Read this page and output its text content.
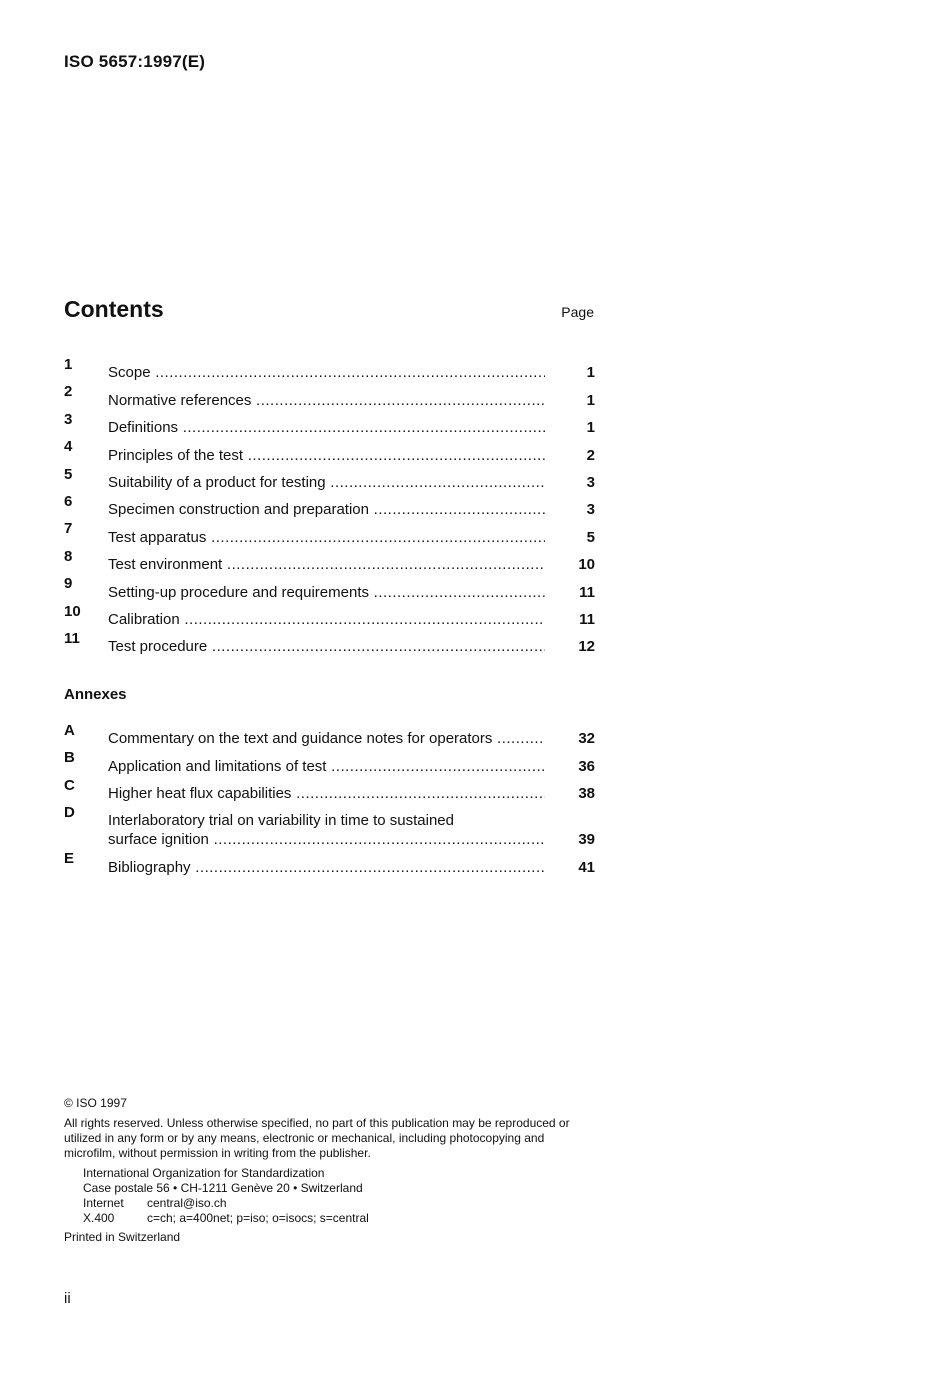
ISO 5657:1997(E)
Contents	Page
1	Scope .....	1
2	Normative references .....	1
3	Definitions .....	1
4	Principles of the test .....	2
5	Suitability of a product for testing .....	3
6	Specimen construction and preparation .....	3
7	Test apparatus .....	5
8	Test environment .....	10
9	Setting-up procedure and requirements .....	11
10	Calibration .....	11
11	Test procedure .....	12
Annexes
A	Commentary on the text and guidance notes for operators .....	32
B	Application and limitations of test .....	36
C	Higher heat flux capabilities .....	38
D	Interlaboratory trial on variability in time to sustained
surface ignition .....	39
E	Bibliography .....	41
© ISO 1997
All rights reserved. Unless otherwise specified, no part of this publication may be reproduced or utilized in any form or by any means, electronic or mechanical, including photocopying and microfilm, without permission in writing from the publisher.
International Organization for Standardization
Case postale 56 • CH-1211 Genève 20 • Switzerland
Internet	central@iso.ch
X.400	c=ch; a=400net; p=iso; o=isocs; s=central
Printed in Switzerland
ii
